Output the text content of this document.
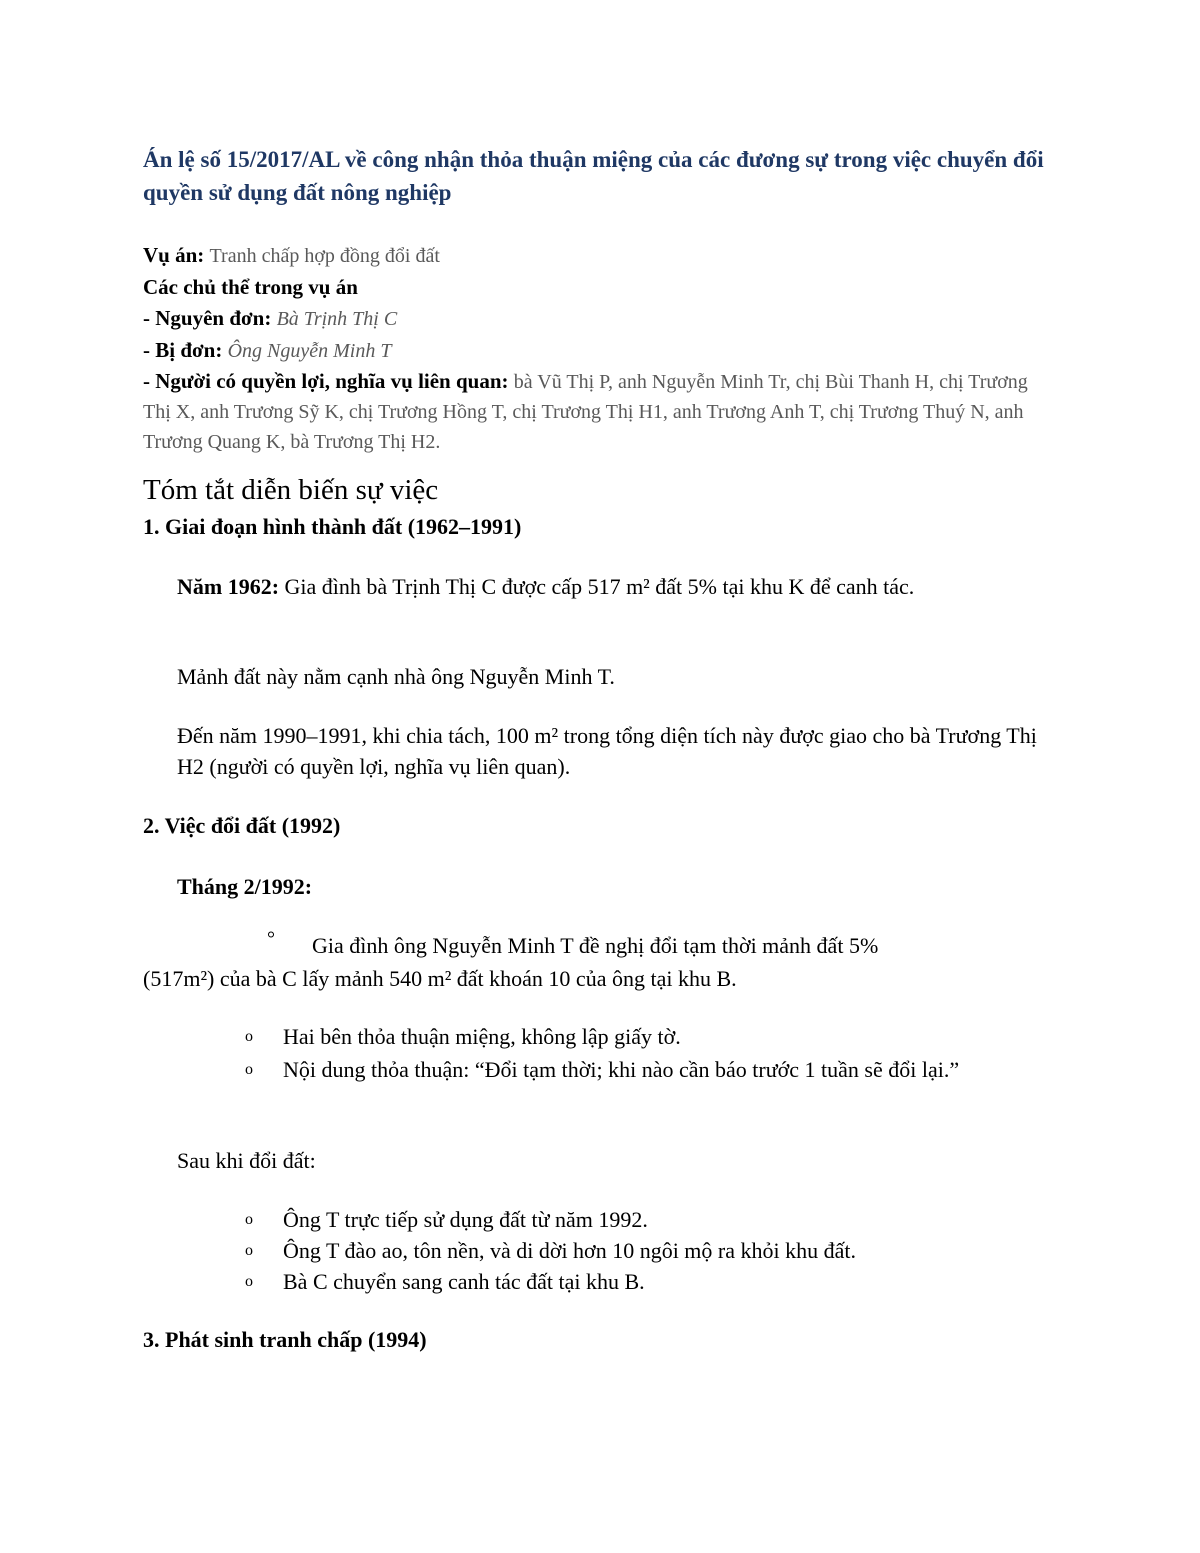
Án lệ số 15/2017/AL về công nhận thỏa thuận miệng của các đương sự trong việc chuyển đổi quyền sử dụng đất nông nghiệp
Vụ án: Tranh chấp hợp đồng đổi đất
Các chủ thể trong vụ án
- Nguyên đơn: Bà Trịnh Thị C
- Bị đơn: Ông Nguyễn Minh T
- Người có quyền lợi, nghĩa vụ liên quan: bà Vũ Thị P, anh Nguyễn Minh Tr, chị Bùi Thanh H, chị Trương Thị X, anh Trương Sỹ K, chị Trương Hồng T, chị Trương Thị H1, anh Trương Anh T, chị Trương Thuý N, anh Trương Quang K, bà Trương Thị H2.
Tóm tắt diễn biến sự việc
1. Giai đoạn hình thành đất (1962–1991)
Năm 1962: Gia đình bà Trịnh Thị C được cấp 517 m² đất 5% tại khu K để canh tác.
Mảnh đất này nằm cạnh nhà ông Nguyễn Minh T.
Đến năm 1990–1991, khi chia tách, 100 m² trong tổng diện tích này được giao cho bà Trương Thị H2 (người có quyền lợi, nghĩa vụ liên quan).
2. Việc đổi đất (1992)
Tháng 2/1992:
°	Gia đình ông Nguyễn Minh T đề nghị đổi tạm thời mảnh đất 5%
(517m²) của bà C lấy mảnh 540 m² đất khoán 10 của ông tại khu B.
o Hai bên thỏa thuận miệng, không lập giấy tờ.
o Nội dung thỏa thuận: “Đổi tạm thời; khi nào cần báo trước 1 tuần sẽ đổi lại.”
Sau khi đổi đất:
o Ông T trực tiếp sử dụng đất từ năm 1992.
o Ông T đào ao, tôn nền, và di dời hơn 10 ngôi mộ ra khỏi khu đất.
o Bà C chuyển sang canh tác đất tại khu B.
3. Phát sinh tranh chấp (1994)
